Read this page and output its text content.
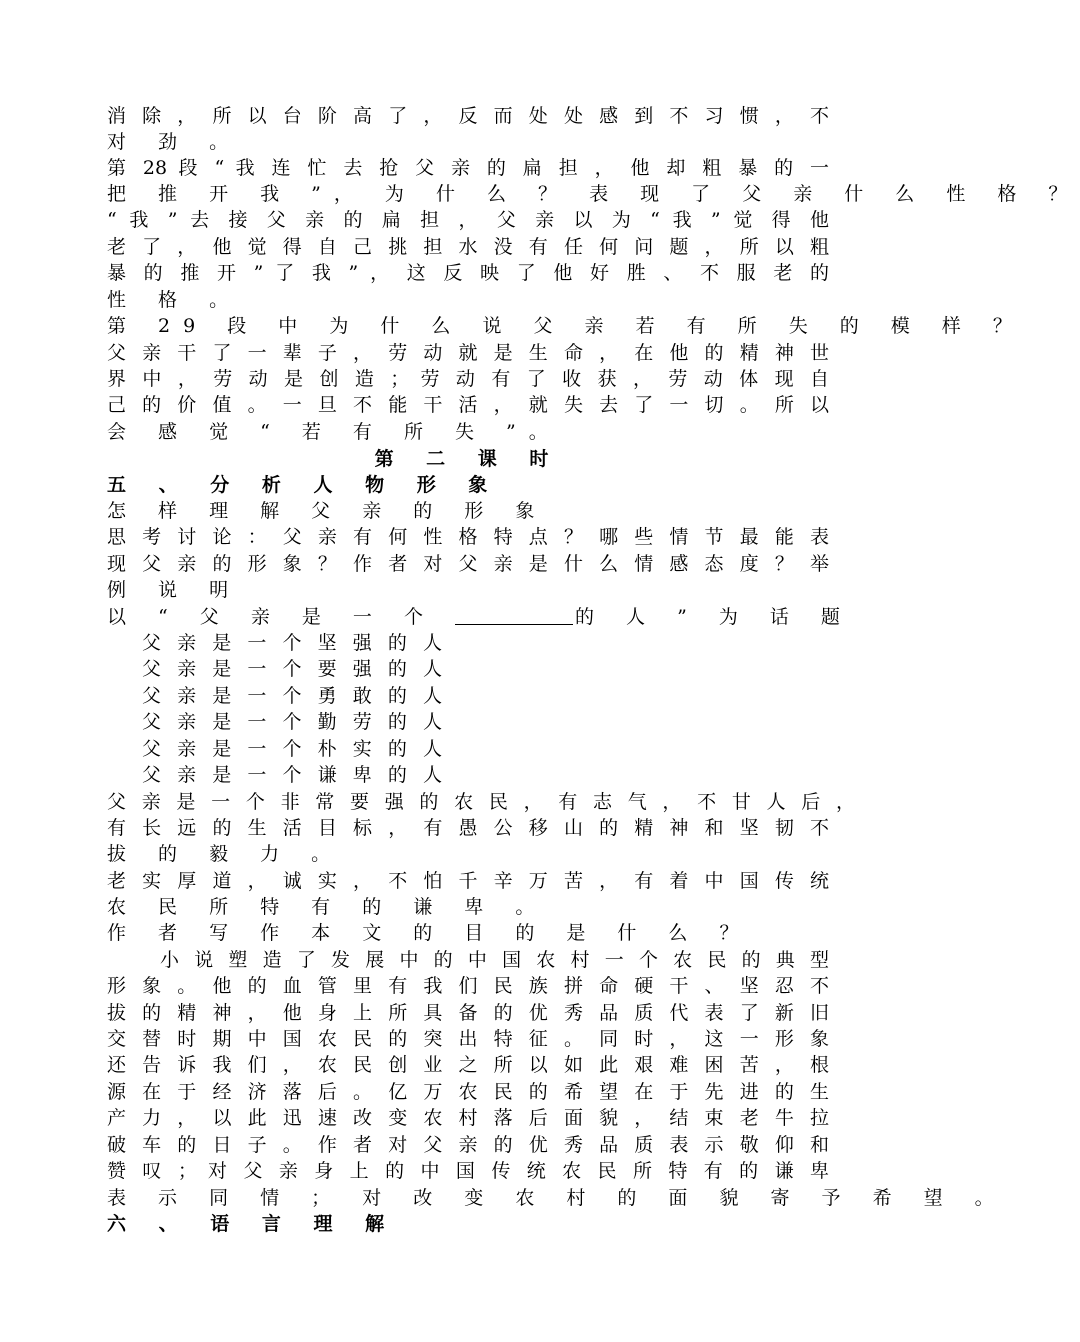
消 除 ， 所 以 台 阶 高 了 ， 反 而 处 处 感 到 不 习 惯 ， 不
对 劲 。
第 28 段 “ 我 连 忙 去 抢 父 亲 的 扁 担 ， 他 却 粗 暴 的 一
把 推 开 我 ”， 为 什 么 ？ 表 现 了 父 亲 什 么 性 格 ？
“ 我 ” 去 接 父 亲 的 扁 担 ， 父 亲 以 为 “ 我 ” 觉 得 他
老 了 ， 他 觉 得 自 己 挑 担 水 没 有 任 何 问 题 ， 所 以 粗
暴 的 推 开 ” 了 我 ” ， 这 反 映 了 他 好 胜 、 不 服 老 的
性 格 。
第 29 段 中 为 什 么 说 父 亲 若 有 所 失 的 模 样 ？
父 亲 干 了 一 辈 子 ， 劳 动 就 是 生 命 ， 在 他 的 精 神 世
界 中 ， 劳 动 是 创 造 ； 劳 动 有 了 收 获 ， 劳 动 体 现 自
己 的 价 值 。 一 旦 不 能 干 活 ， 就 失 去 了 一 切 。 所 以
会 感 觉 “ 若 有 所 失 ”。
第 二 课 时
五 、 分 析 人 物 形 象
怎 样 理 解 父 亲 的 形 象
思 考 讨 论 ： 父 亲 有 何 性 格 特 点 ？ 哪 些 情 节 最 能 表
现 父 亲 的 形 象 ？ 作 者 对 父 亲 是 什 么 情 感 态 度 ？ 举
例 说 明
以 “ 父 亲 是 一 个	的 人 ” 为 话 题
父 亲 是 一 个 坚 强 的 人
父 亲 是 一 个 要 强 的 人
父 亲 是 一 个 勇 敢 的 人
父 亲 是 一 个 勤 劳 的 人
父 亲 是 一 个 朴 实 的 人
父 亲 是 一 个 谦 卑 的 人
父 亲 是 一 个 非 常 要 强 的 农 民 ， 有 志 气 ， 不 甘 人 后 ，
有 长 远 的 生 活 目 标 ， 有 愚 公 移 山 的 精 神 和 坚 韧 不
拔 的 毅 力 。
老 实 厚 道 ， 诚 实 ， 不 怕 千 辛 万 苦 ， 有 着 中 国 传 统
农 民 所 特 有 的 谦 卑 。
作 者 写 作 本 文 的 目 的 是 什 么 ？
小 说 塑 造 了 发 展 中 的 中 国 农 村 一 个 农 民 的 典 型
形 象 。 他 的 血 管 里 有 我 们 民 族 拼 命 硬 干 、 坚 忍 不
拔 的 精 神 ， 他 身 上 所 具 备 的 优 秀 品 质 代 表 了 新 旧
交 替 时 期 中 国 农 民 的 突 出 特 征 。 同 时 ， 这 一 形 象
还 告 诉 我 们 ， 农 民 创 业 之 所 以 如 此 艰 难 困 苦 ， 根
源 在 于 经 济 落 后 。 亿 万 农 民 的 希 望 在 于 先 进 的 生
产 力 ， 以 此 迅 速 改 变 农 村 落 后 面 貌 ， 结 束 老 牛 拉
破 车 的 日 子 。 作 者 对 父 亲 的 优 秀 品 质 表 示 敬 仰 和
赞 叹 ； 对 父 亲 身 上 的 中 国 传 统 农 民 所 特 有 的 谦 卑
表 示 同 情 ； 对 改 变 农 村 的 面 貌 寄 予 希 望 。
六 、 语 言 理 解
